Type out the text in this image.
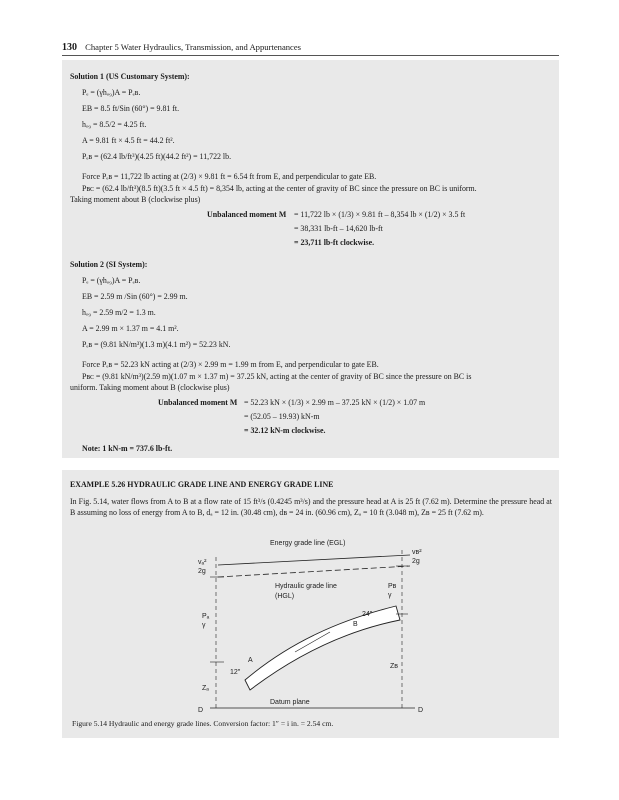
130 Chapter 5 Water Hydraulics, Transmission, and Appurtenances
Solution 1 (US Customary System):
Pₑ = (γhₒ₉)A = Pₑʙ.
EB = 8.5 ft/Sin (60°) = 9.81 ft.
hₒ₉ = 8.5/2 = 4.25 ft.
A = 9.81 ft × 4.5 ft = 44.2 ft².
Pₑʙ = (62.4 lb/ft³)(4.25 ft)(44.2 ft²) = 11,722 lb.
Force Pₑʙ = 11,722 lb acting at (2/3) × 9.81 ft = 6.54 ft from E, and perpendicular to gate EB.
Pʙᴄ = (62.4 lb/ft³)(8.5 ft)(3.5 ft × 4.5 ft) = 8,354 lb, acting at the center of gravity of BC since the pressure on BC is uniform.
Taking moment about B (clockwise plus)
Unbalanced moment M = 11,722 lb × (1/3) × 9.81 ft – 8,354 lb × (1/2) × 3.5 ft
= 38,331 lb-ft – 14,620 lb-ft
= 23,711 lb-ft clockwise.
Solution 2 (SI System):
Pₑ = (γhₒ₉)A = Pₑʙ.
EB = 2.59 m /Sin (60°) = 2.99 m.
hₒ₉ = 2.59 m/2 = 1.3 m.
A = 2.99 m × 1.37 m = 4.1 m².
Pₑʙ = (9.81 kN/m³)(1.3 m)(4.1 m²) = 52.23 kN.
Force Pₑʙ = 52.23 kN acting at (2/3) × 2.99 m = 1.99 m from E, and perpendicular to gate EB.
Pʙᴄ = (9.81 kN/m³)(2.59 m)(1.07 m × 1.37 m) = 37.25 kN, acting at the center of gravity of BC since the pressure on BC is
uniform. Taking moment about B (clockwise plus)
Unbalanced moment M = 52.23 kN × (1/3) × 2.99 m – 37.25 kN × (1/2) × 1.07 m
= (52.05 – 19.93) kN-m
= 32.12 kN-m clockwise.
Note: 1 kN-m = 737.6 lb-ft.
EXAMPLE 5.26 HYDRAULIC GRADE LINE AND ENERGY GRADE LINE
In Fig. 5.14, water flows from A to B at a flow rate of 15 ft³/s (0.4245 m³/s) and the pressure head at A is 25 ft (7.62 m). Determine the pressure head at B assuming no loss of energy from A to B, dₐ = 12 in. (30.48 cm), dʙ = 24 in. (60.96 cm), Zₐ = 10 ft (3.048 m), Zʙ = 25 ft (7.62 m).
Energy grade line (EGL)
Hydraulic grade line
(HGL)
vₐ²
2g
vʙ²
2g
Pₐ
γ
Pʙ
γ
Zₐ
Zʙ
A
B
12″
24″
Datum plane
D	D
Figure 5.14 Hydraulic and energy grade lines. Conversion factor: 1″ = i in. = 2.54 cm.
